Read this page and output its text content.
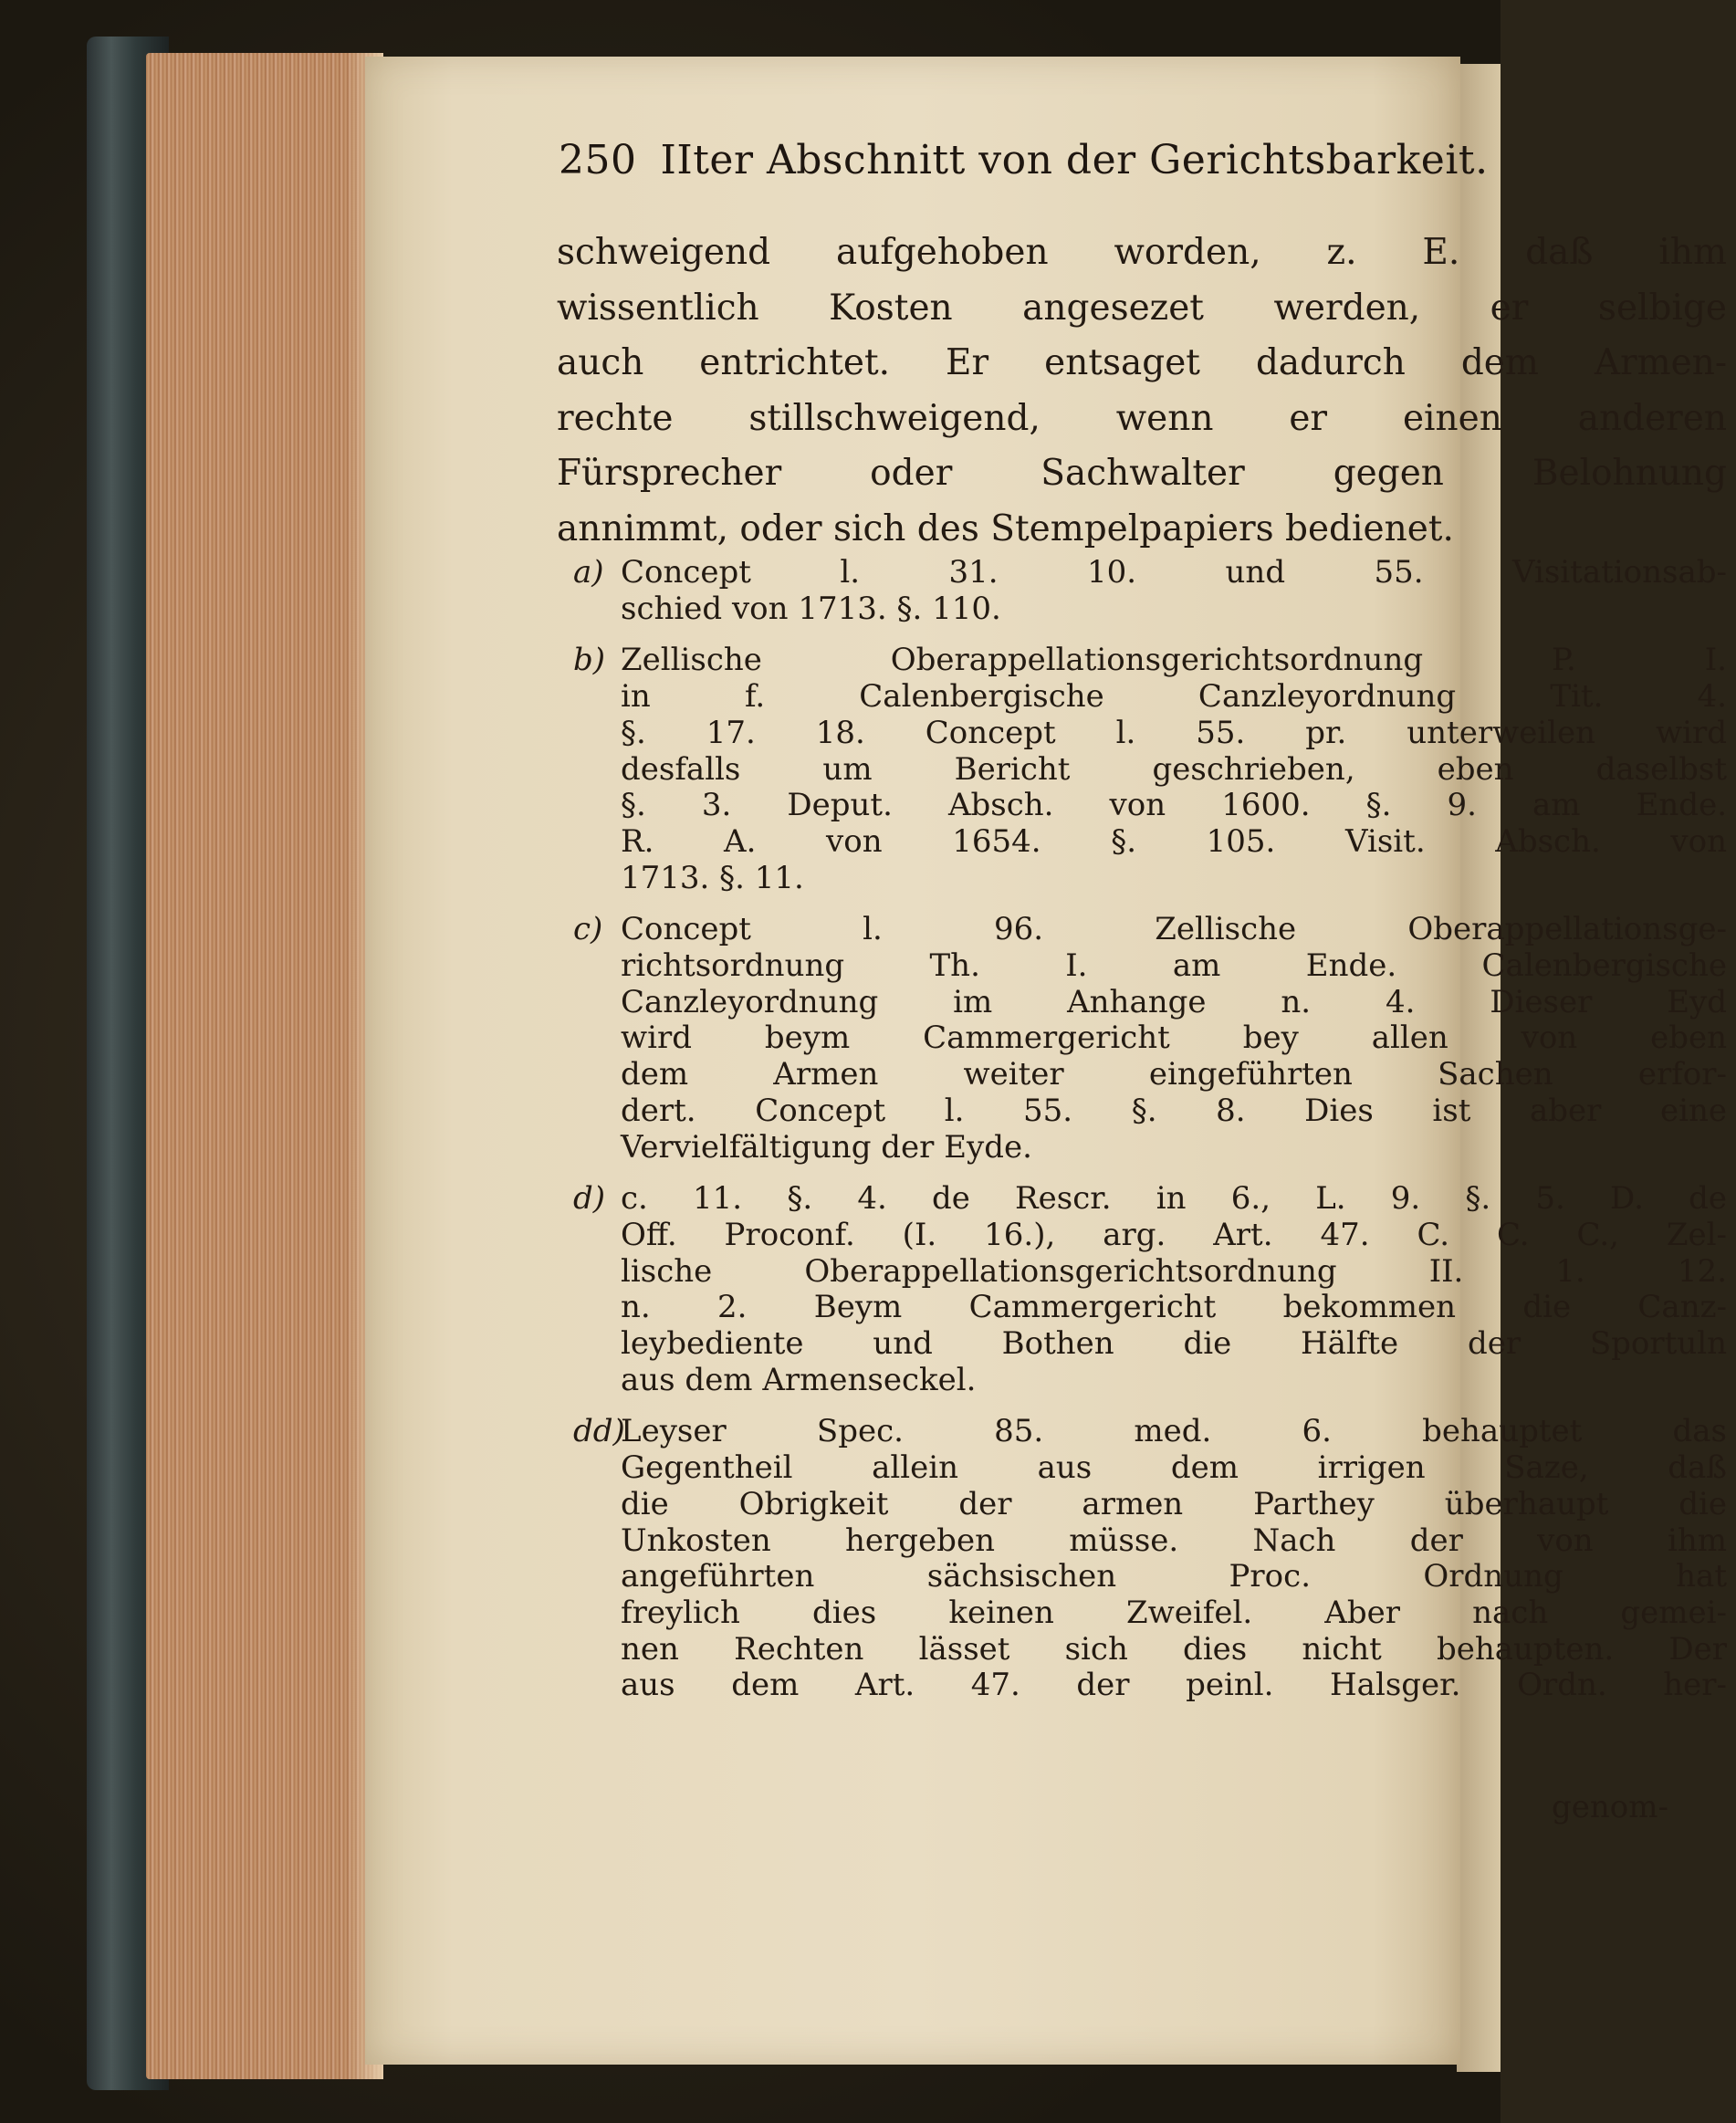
250 IIter Abschnitt von der Gerichtsbarkeit.
schweigend aufgehoben worden, z. E. daß ihm
wissentlich Kosten angesezet werden, er selbige
auch entrichtet. Er entsaget dadurch dem Armen-
rechte stillschweigend, wenn er einen anderen
Fürsprecher oder Sachwalter gegen Belohnung
annimmt, oder sich des Stempelpapiers bedienet.
a) Concept l. 31. 10. und 55. Visitationsab-
schied von 1713. §. 110.
b) Zellische Oberappellationsgerichtsordnung P. I.
in f. Calenbergische Canzleyordnung Tit. 4.
§. 17. 18. Concept l. 55. pr. unterweilen wird
desfalls um Bericht geschrieben, eben daselbst
§. 3. Deput. Absch. von 1600. §. 9. am Ende.
R. A. von 1654. §. 105. Visit. Absch. von
1713. §. 11.
c) Concept l. 96. Zellische Oberappellationsge-
richtsordnung Th. I. am Ende. Calenbergische
Canzleyordnung im Anhange n. 4. Dieser Eyd
wird beym Cammergericht bey allen von eben
dem Armen weiter eingeführten Sachen erfor-
dert. Concept l. 55. §. 8. Dies ist aber eine
Vervielfältigung der Eyde.
d) c. 11. §. 4. de Rescr. in 6., L. 9. §. 5. D. de
Off. Proconf. (I. 16.), arg. Art. 47. C. C. C., Zel-
lische Oberappellationsgerichtsordnung II. 1. 12.
n. 2. Beym Cammergericht bekommen die Canz-
leybediente und Bothen die Hälfte der Sportuln
aus dem Armenseckel.
dd)
Leyser Spec. 85. med. 6. behauptet das
Gegentheil allein aus dem irrigen Saze, daß
die Obrigkeit der armen Parthey überhaupt die
Unkosten hergeben müsse. Nach der von ihm
angeführten sächsischen Proc. Ordnung hat
freylich dies keinen Zweifel. Aber nach gemei-
nen Rechten lässet sich dies nicht behaupten. Der
aus dem Art. 47. der peinl. Halsger. Ordn. her-
genom-
